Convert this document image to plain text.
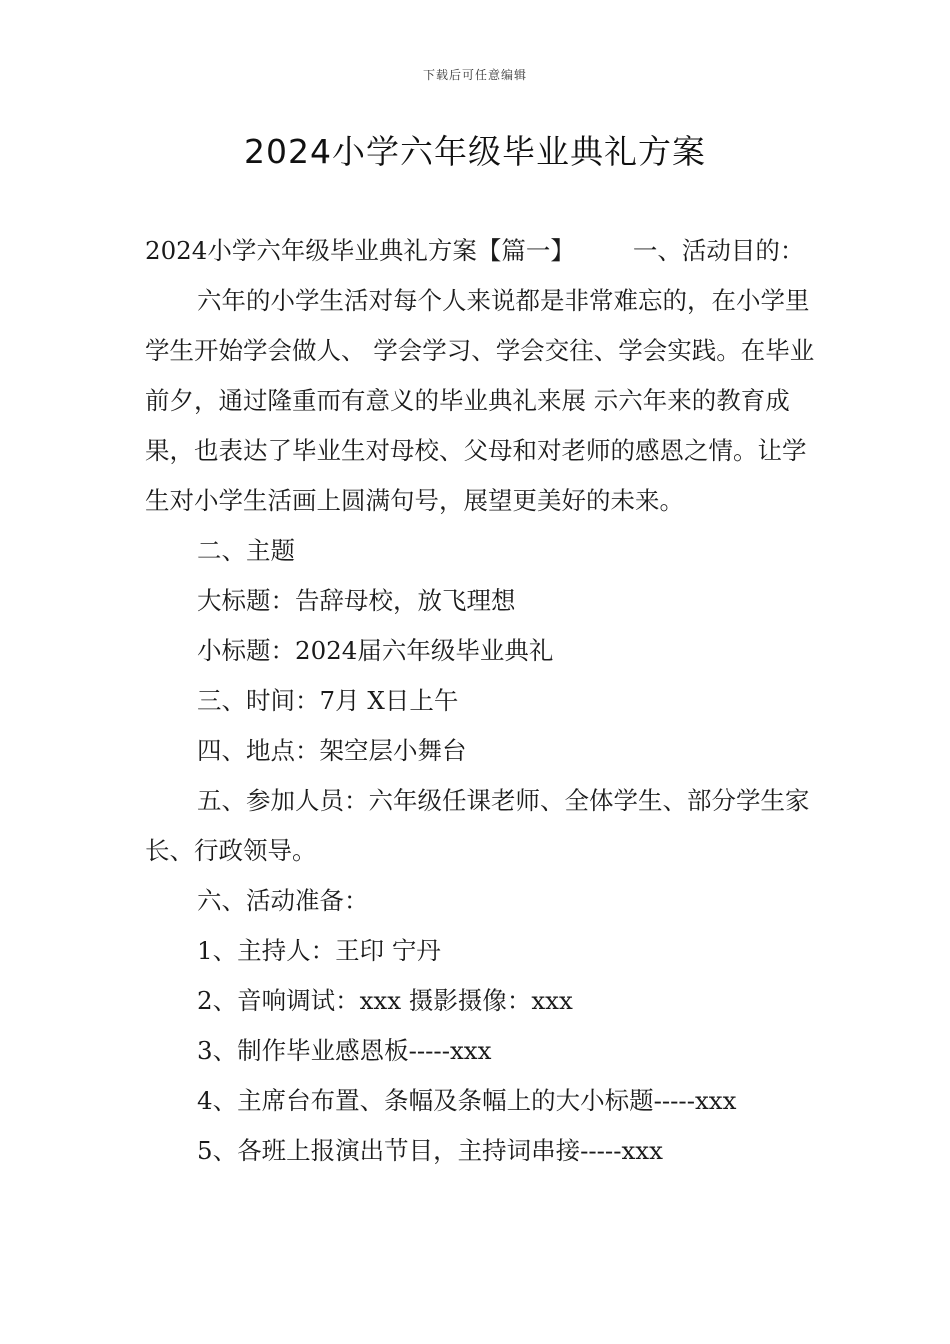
下载后可任意编辑
2024小学六年级毕业典礼方案

2024小学六年级毕业典礼方案【篇一】 一、活动目的：

六年的小学生活对每个人来说都是非常难忘的，在小学里学生开始学会做人、 学会学习、学会交往、学会实践。在毕业前夕，通过隆重而有意义的毕业典礼来展 示六年来的教育成果，也表达了毕业生对母校、父母和对老师的感恩之情。让学生对小学生活画上圆满句号，展望更美好的未来。

二、主题

大标题：告辞母校，放飞理想

小标题：2024届六年级毕业典礼

三、时间：7月 X日上午

四、地点：架空层小舞台

五、参加人员：六年级任课老师、全体学生、部分学生家长、行政领导。

六、活动准备：

1、主持人：王印 宁丹

2、音响调试：xxx 摄影摄像：xxx

3、制作毕业感恩板-----xxx

4、主席台布置、条幅及条幅上的大小标题-----xxx

5、各班上报演出节目，主持词串接-----xxx
